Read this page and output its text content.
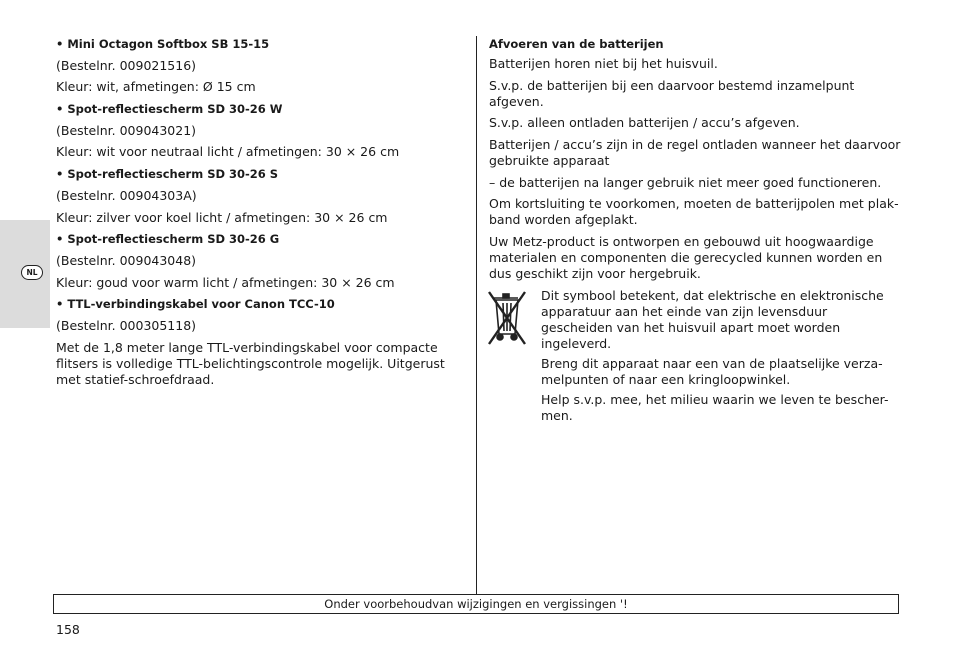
NL

• Mini Octagon Softbox SB 15-15

(Bestelnr. 009021516)

Kleur: wit, afmetingen: Ø 15 cm

• Spot-reflectiescherm SD 30-26 W

(Bestelnr. 009043021)

Kleur: wit voor neutraal licht / afmetingen: 30 × 26 cm

• Spot-reflectiescherm SD 30-26 S

(Bestelnr. 00904303A)

Kleur: zilver voor koel licht / afmetingen: 30 × 26 cm

• Spot-reflectiescherm SD 30-26 G

(Bestelnr. 009043048)

Kleur: goud voor warm licht / afmetingen: 30 × 26 cm

• TTL-verbindingskabel voor Canon TCC-10

(Bestelnr. 000305118)

Met de 1,8 meter lange TTL-verbindingskabel voor compacte flitsers is volledige TTL-belichtingscontrole mogelijk. Uitgerust met statief-schroefdraad.

Afvoeren van de batterijen

Batterijen horen niet bij het huisvuil.

S.v.p. de batterijen bij een daarvoor bestemd inzamelpunt afgeven.

S.v.p. alleen ontladen batterijen / accu’s afgeven.

Batterijen / accu’s zijn in de regel ontladen wanneer het daarvoor gebruikte apparaat

– de batterijen na langer gebruik niet meer goed functioneren.

Om kortsluiting te voorkomen, moeten de batterijpolen met plak-band worden afgeplakt.

Uw Metz-product is ontworpen en gebouwd uit hoogwaardige materialen en componenten die gerecycled kunnen worden en dus geschikt zijn voor hergebruik.

Dit symbool betekent, dat elektrische en elektronische apparatuur aan het einde van zijn levensduur gescheiden van het huisvuil apart moet worden ingeleverd.

Breng dit apparaat naar een van de plaatselijke verza-melpunten of naar een kringloopwinkel.

Help s.v.p. mee, het milieu waarin we leven te bescher-men.

Onder voorbehoudvan wijzigingen en vergissingen '!
158
